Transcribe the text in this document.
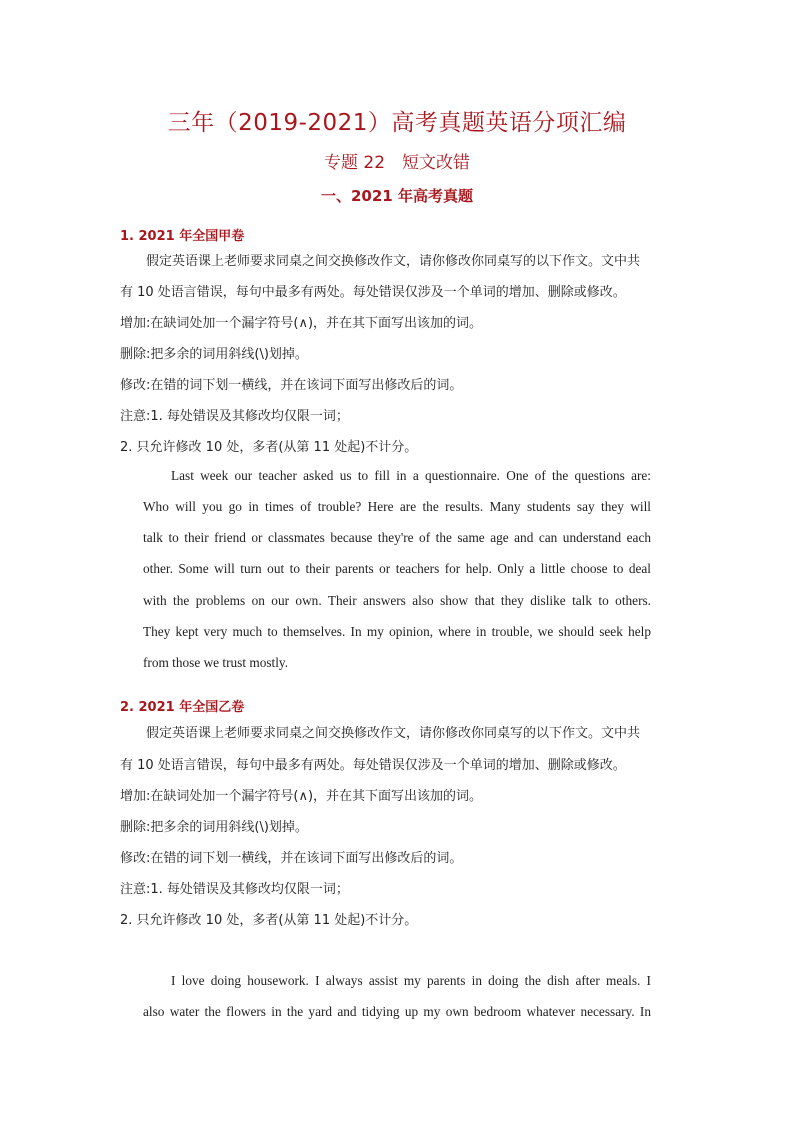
三年（2019-2021）高考真题英语分项汇编
专题 22　短文改错
一、2021 年高考真题
1. 2021 年全国甲卷
假定英语课上老师要求同桌之间交换修改作文，请你修改你同桌写的以下作文。文中共
有 10 处语言错误，每句中最多有两处。每处错误仅涉及一个单词的增加、删除或修改。
增加:在缺词处加一个漏字符号(∧)，并在其下面写出该加的词。
删除:把多余的词用斜线(\)划掉。
修改:在错的词下划一横线，并在该词下面写出修改后的词。
注意:1. 每处错误及其修改均仅限一词；
2. 只允许修改 10 处，多者(从第 11 处起)不计分。
Last week our teacher asked us to fill in a questionnaire. One of the questions are:
Who will you go in times of trouble? Here are the results. Many students say they will
talk to their friend or classmates because they're of the same age and can understand each
other. Some will turn out to their parents or teachers for help. Only a little choose to deal
with the problems on our own. Their answers also show that they dislike talk to others.
They kept very much to themselves. In my opinion, where in trouble, we should seek help
from those we trust mostly.
2. 2021 年全国乙卷
假定英语课上老师要求同桌之间交换修改作文，请你修改你同桌写的以下作文。文中共
有 10 处语言错误，每句中最多有两处。每处错误仅涉及一个单词的增加、删除或修改。
增加:在缺词处加一个漏字符号(∧)，并在其下面写出该加的词。
删除:把多余的词用斜线(\)划掉。
修改:在错的词下划一横线，并在该词下面写出修改后的词。
注意:1. 每处错误及其修改均仅限一词；
2. 只允许修改 10 处，多者(从第 11 处起)不计分。
I love doing housework. I always assist my parents in doing the dish after meals. I
also water the flowers in the yard and tidying up my own bedroom whatever necessary. In
